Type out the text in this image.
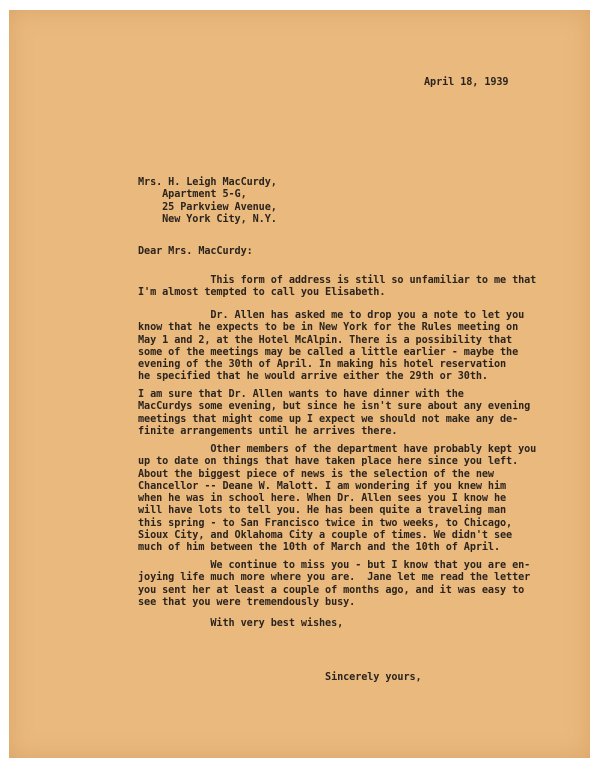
April 18, 1939

Mrs. H. Leigh MacCurdy,
Apartment 5-G,
25 Parkview Avenue,
New York City, N.Y.

Dear Mrs. MacCurdy:

This form of address is still so unfamiliar to me that
I'm almost tempted to call you Elisabeth.

Dr. Allen has asked me to drop you a note to let you
know that he expects to be in New York for the Rules meeting on
May 1 and 2, at the Hotel McAlpin. There is a possibility that
some of the meetings may be called a little earlier - maybe the
evening of the 30th of April. In making his hotel reservation
he specified that he would arrive either the 29th or 30th.

I am sure that Dr. Allen wants to have dinner with the
MacCurdys some evening, but since he isn't sure about any evening
meetings that might come up I expect we should not make any de-
finite arrangements until he arrives there.

Other members of the department have probably kept you
up to date on things that have taken place here since you left.
About the biggest piece of news is the selection of the new
Chancellor -- Deane W. Malott. I am wondering if you knew him
when he was in school here. When Dr. Allen sees you I know he
will have lots to tell you. He has been quite a traveling man
this spring - to San Francisco twice in two weeks, to Chicago,
Sioux City, and Oklahoma City a couple of times. We didn't see
much of him between the 10th of March and the 10th of April.

We continue to miss you - but I know that you are en-
joying life much more where you are.  Jane let me read the letter
you sent her at least a couple of months ago, and it was easy to
see that you were tremendously busy.

With very best wishes,

Sincerely yours,
